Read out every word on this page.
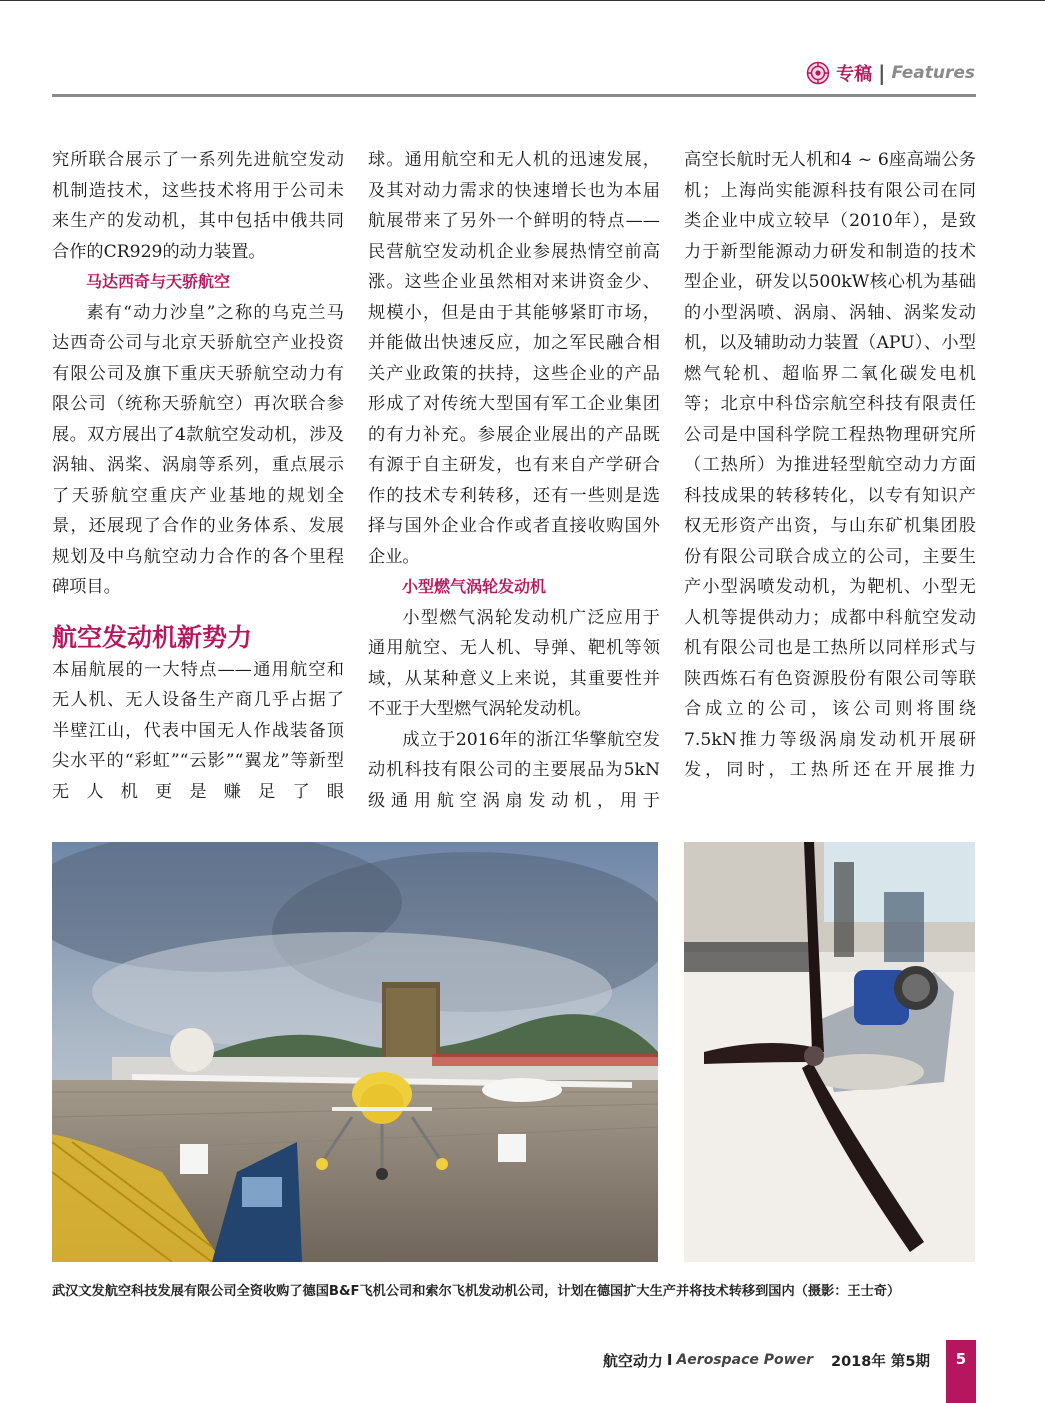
专稿 | Features

究所联合展示了一系列先进航空发动机制造技术，这些技术将用于公司未来生产的发动机，其中包括中俄共同合作的CR929的动力装置。

马达西奇与天骄航空

素有“动力沙皇”之称的乌克兰马达西奇公司与北京天骄航空产业投资有限公司及旗下重庆天骄航空动力有限公司（统称天骄航空）再次联合参展。双方展出了4款航空发动机，涉及涡轴、涡桨、涡扇等系列，重点展示了天骄航空重庆产业基地的规划全景，还展现了合作的业务体系、发展规划及中乌航空动力合作的各个里程碑项目。

航空发动机新势力

本届航展的一大特点——通用航空和无人机、无人设备生产商几乎占据了半壁江山，代表中国无人作战装备顶尖水平的“彩虹”“云影”“翼龙”等新型无人机更是赚足了眼

球。通用航空和无人机的迅速发展，及其对动力需求的快速增长也为本届航展带来了另外一个鲜明的特点——民营航空发动机企业参展热情空前高涨。这些企业虽然相对来讲资金少、规模小，但是由于其能够紧盯市场，并能做出快速反应，加之军民融合相关产业政策的扶持，这些企业的产品形成了对传统大型国有军工企业集团的有力补充。参展企业展出的产品既有源于自主研发，也有来自产学研合作的技术专利转移，还有一些则是选择与国外企业合作或者直接收购国外企业。

小型燃气涡轮发动机

小型燃气涡轮发动机广泛应用于通用航空、无人机、导弹、靶机等领域，从某种意义上来说，其重要性并不亚于大型燃气涡轮发动机。

成立于2016年的浙江华擎航空发动机科技有限公司的主要展品为5kN级通用航空涡扇发动机，用于

高空长航时无人机和4 ~ 6座高端公务机；上海尚实能源科技有限公司在同类企业中成立较早（2010年），是致力于新型能源动力研发和制造的技术型企业，研发以500kW核心机为基础的小型涡喷、涡扇、涡轴、涡桨发动机，以及辅助动力装置（APU）、小型燃气轮机、超临界二氧化碳发电机等；北京中科岱宗航空科技有限责任公司是中国科学院工程热物理研究所（工热所）为推进轻型航空动力方面科技成果的转移转化，以专有知识产权无形资产出资，与山东矿机集团股份有限公司联合成立的公司，主要生产小型涡喷发动机，为靶机、小型无人机等提供动力；成都中科航空发动机有限公司也是工热所以同样形式与陕西炼石有色资源股份有限公司等联合成立的公司，该公司则将围绕7.5kN推力等级涡扇发动机开展研发，同时，工热所还在开展推力

武汉文发航空科技发展有限公司全资收购了德国B&F飞机公司和索尔飞机发动机公司，计划在德国扩大生产并将技术转移到国内（摄影：王士奇）
航空动力 I Aerospace Power 2018年 第5期	5
